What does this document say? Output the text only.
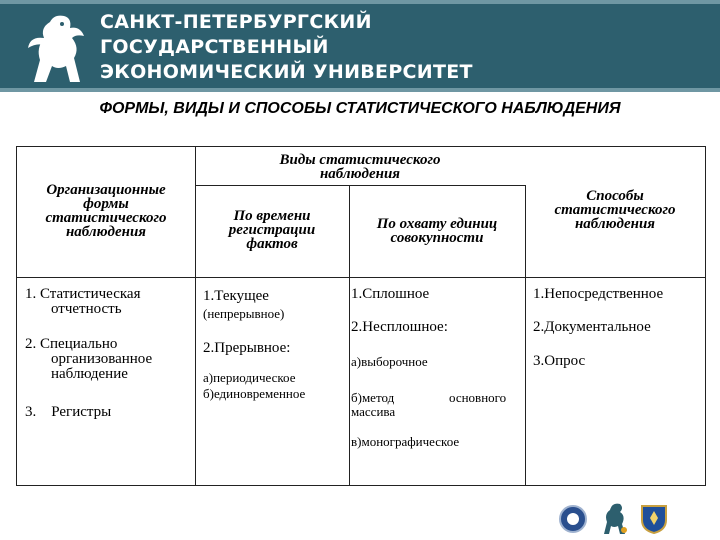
САНКТ-ПЕТЕРБУРГСКИЙ
ГОСУДАРСТВЕННЫЙ
ЭКОНОМИЧЕСКИЙ УНИВЕРСИТЕТ
ФОРМЫ, ВИДЫ И СПОСОБЫ СТАТИСТИЧЕСКОГО НАБЛЮДЕНИЯ
Организационные
формы
статистического
наблюдения
Виды статистического
наблюдения
По времени
регистрации
фактов
По охвату единиц
совокупности
Способы
статистического
наблюдения
1. Статистическая
отчетность
2. Специально
организованное
наблюдение
3.    Регистры
1.Текущее
(непрерывное)
2.Прерывное:
а)периодическое
б)единовременное
1.Сплошное
2.Несплошное:
а)выборочное
б)метод	основного
массива
в)монографическое
1.Непосредственное
2.Документальное
3.Опрос
